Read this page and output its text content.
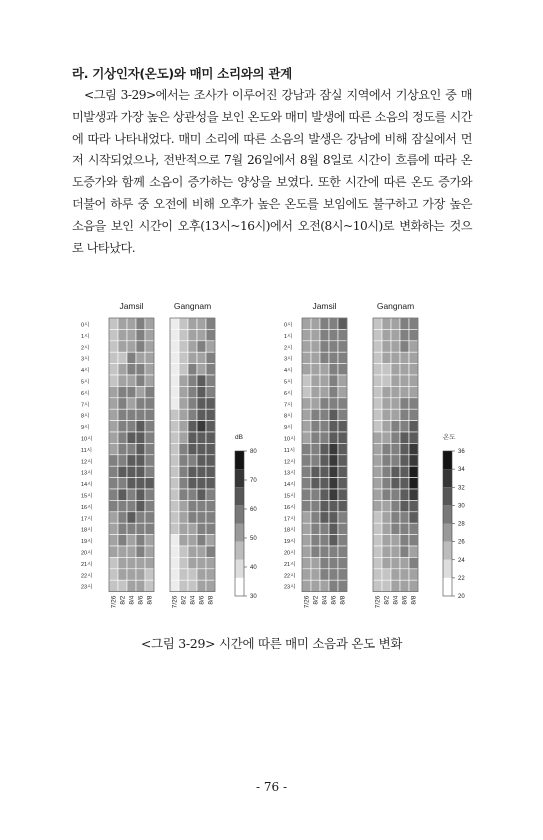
라. 기상인자(온도)와 매미 소리와의 관계

<그림 3-29>에서는 조사가 이루어진 강남과 잠실 지역에서 기상요인 중 매미발생과 가장 높은 상관성을 보인 온도와 매미 발생에 따른 소음의 정도를 시간에 따라 나타내었다. 매미 소리에 따른 소음의 발생은 강남에 비해 잠실에서 먼저 시작되었으나, 전반적으로 7월 26일에서 8월 8일로 시간이 흐름에 따라 온도증가와 함께 소음이 증가하는 양상을 보였다. 또한 시간에 따른 온도 증가와 더불어 하루 중 오전에 비해 오후가 높은 온도를 보임에도 불구하고 가장 높은 소음을 보인 시간이 오후(13시~16시)에서 오전(8시~10시)로 변화하는 것으로 나타났다.

0시
1시
2시
3시
4시
5시
6시
7시
8시
9시
10시
11시
12시
13시
14시
15시
16시
17시
18시
19시
20시
21시
22시
23시
Jamsil
7/26 8/2 8/4 8/6 8/8
Gangnam
7/26 8/2 8/4 8/6 8/8
dB
30
40
50
60
70
80
0시
1시
2시
3시
4시
5시
6시
7시
8시
9시
10시
11시
12시
13시
14시
15시
16시
17시
18시
19시
20시
21시
22시
23시
Jamsil
7/26 8/2 8/4 8/6 8/8
Gangnam
7/26 8/2 8/4 8/6 8/8
온도
20
22
24
26
28
30
32
34
36
<그림 3-29> 시간에 따른 매미 소음과 온도 변화
- 76 -
